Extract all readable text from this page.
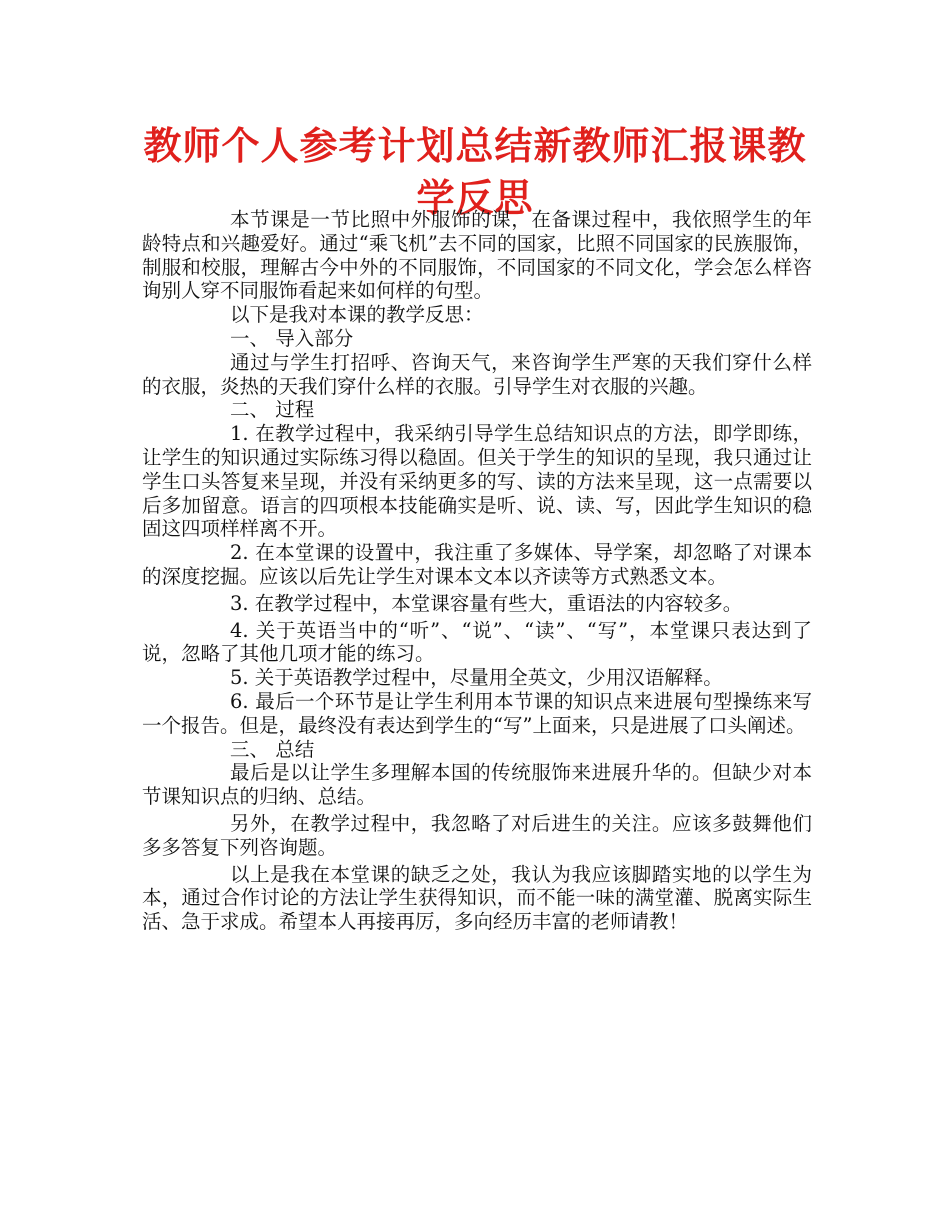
教师个人参考计划总结新教师汇报课教学反思

本节课是一节比照中外服饰的课，在备课过程中，我依照学生的年龄特点和兴趣爱好。通过“乘飞机”去不同的国家，比照不同国家的民族服饰，制服和校服，理解古今中外的不同服饰，不同国家的不同文化，学会怎么样咨询别人穿不同服饰看起来如何样的句型。

以下是我对本课的教学反思：

一、 导入部分

通过与学生打招呼、咨询天气，来咨询学生严寒的天我们穿什么样的衣服，炎热的天我们穿什么样的衣服。引导学生对衣服的兴趣。

二、 过程

1. 在教学过程中，我采纳引导学生总结知识点的方法，即学即练，让学生的知识通过实际练习得以稳固。但关于学生的知识的呈现，我只通过让学生口头答复来呈现，并没有采纳更多的写、读的方法来呈现，这一点需要以后多加留意。语言的四项根本技能确实是听、说、读、写，因此学生知识的稳固这四项样样离不开。

2. 在本堂课的设置中，我注重了多媒体、导学案，却忽略了对课本的深度挖掘。应该以后先让学生对课本文本以齐读等方式熟悉文本。

3. 在教学过程中，本堂课容量有些大，重语法的内容较多。

4. 关于英语当中的“听”、“说”、“读”、“写”，本堂课只表达到了说，忽略了其他几项才能的练习。

5. 关于英语教学过程中，尽量用全英文，少用汉语解释。

6. 最后一个环节是让学生利用本节课的知识点来进展句型操练来写一个报告。但是，最终没有表达到学生的“写”上面来，只是进展了口头阐述。

三、 总结

最后是以让学生多理解本国的传统服饰来进展升华的。但缺少对本节课知识点的归纳、总结。

另外，在教学过程中，我忽略了对后进生的关注。应该多鼓舞他们多多答复下列咨询题。

以上是我在本堂课的缺乏之处，我认为我应该脚踏实地的以学生为本，通过合作讨论的方法让学生获得知识，而不能一味的满堂灌、脱离实际生活、急于求成。希望本人再接再厉，多向经历丰富的老师请教！
